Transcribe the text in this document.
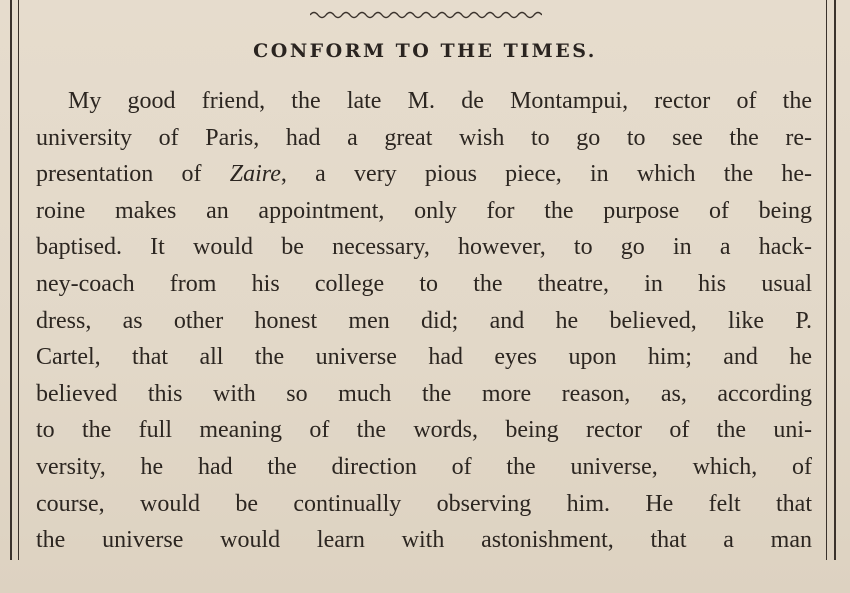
CONFORM TO THE TIMES.
My good friend, the late M. de Montampui, rector of the
university of Paris, had a great wish to go to see the re-
presentation of Zaire, a very pious piece, in which the he-
roine makes an appointment, only for the purpose of being
baptised. It would be necessary, however, to go in a hack-
ney-coach from his college to the theatre, in his usual
dress, as other honest men did; and he believed, like P.
Cartel, that all the universe had eyes upon him; and he
believed this with so much the more reason, as, according
to the full meaning of the words, being rector of the uni-
versity, he had the direction of the universe, which, of
course, would be continually observing him. He felt that
the universe would learn with astonishment, that a man
